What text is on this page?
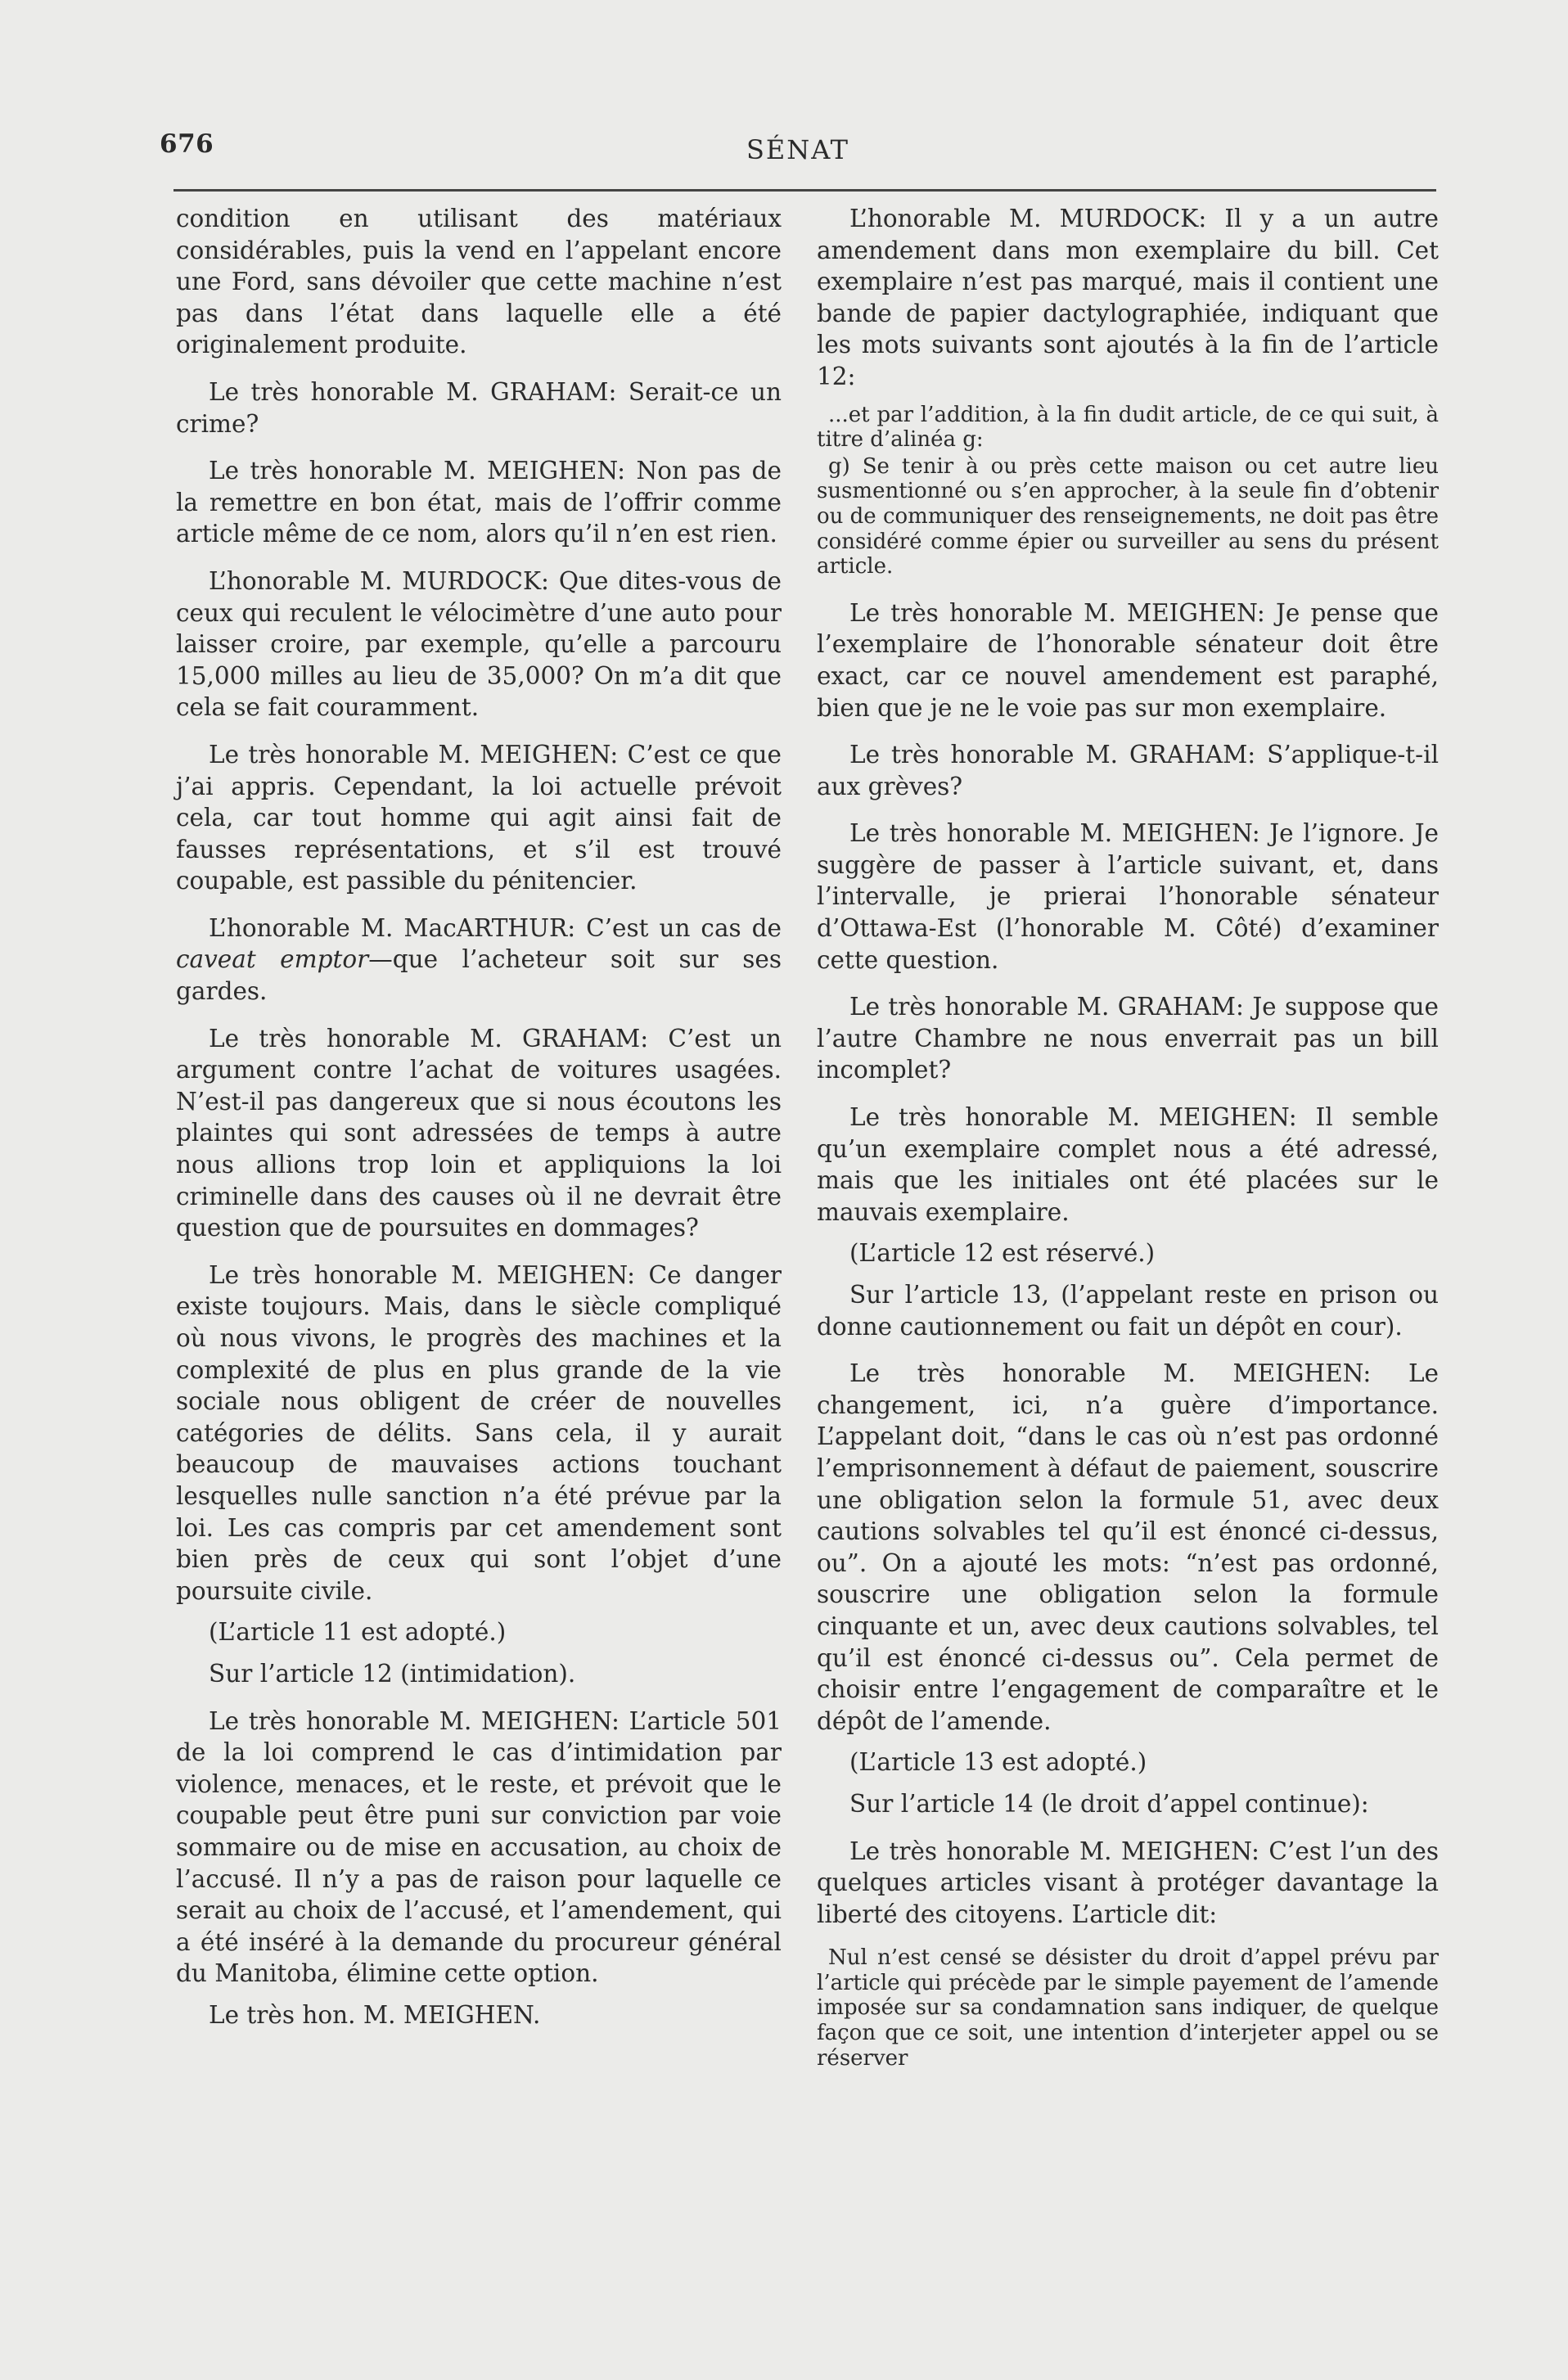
676	SÉNAT

condition en utilisant des matériaux considérables, puis la vend en l’appelant encore une Ford, sans dévoiler que cette machine n’est pas dans l’état dans laquelle elle a été originalement produite.

Le très honorable M. GRAHAM: Serait-ce un crime?

Le très honorable M. MEIGHEN: Non pas de la remettre en bon état, mais de l’offrir comme article même de ce nom, alors qu’il n’en est rien.

L’honorable M. MURDOCK: Que dites-vous de ceux qui reculent le vélocimètre d’une auto pour laisser croire, par exemple, qu’elle a parcouru 15,000 milles au lieu de 35,000? On m’a dit que cela se fait couramment.

Le très honorable M. MEIGHEN: C’est ce que j’ai appris. Cependant, la loi actuelle prévoit cela, car tout homme qui agit ainsi fait de fausses représentations, et s’il est trouvé coupable, est passible du pénitencier.

L’honorable M. MacARTHUR: C’est un cas de caveat emptor—que l’acheteur soit sur ses gardes.

Le très honorable M. GRAHAM: C’est un argument contre l’achat de voitures usagées. N’est-il pas dangereux que si nous écoutons les plaintes qui sont adressées de temps à autre nous allions trop loin et appliquions la loi criminelle dans des causes où il ne devrait être question que de poursuites en dommages?

Le très honorable M. MEIGHEN: Ce danger existe toujours. Mais, dans le siècle compliqué où nous vivons, le progrès des machines et la complexité de plus en plus grande de la vie sociale nous obligent de créer de nouvelles catégories de délits. Sans cela, il y aurait beaucoup de mauvaises actions touchant lesquelles nulle sanction n’a été prévue par la loi. Les cas compris par cet amendement sont bien près de ceux qui sont l’objet d’une poursuite civile.

(L’article 11 est adopté.)

Sur l’article 12 (intimidation).

Le très honorable M. MEIGHEN: L’article 501 de la loi comprend le cas d’intimidation par violence, menaces, et le reste, et prévoit que le coupable peut être puni sur conviction par voie sommaire ou de mise en accusation, au choix de l’accusé. Il n’y a pas de raison pour laquelle ce serait au choix de l’accusé, et l’amendement, qui a été inséré à la demande du procureur général du Manitoba, élimine cette option.

Le très hon. M. MEIGHEN.

L’honorable M. MURDOCK: Il y a un autre amendement dans mon exemplaire du bill. Cet exemplaire n’est pas marqué, mais il contient une bande de papier dactylographiée, indiquant que les mots suivants sont ajoutés à la fin de l’article 12:

...et par l’addition, à la fin dudit article, de ce qui suit, à titre d’alinéa g:

g) Se tenir à ou près cette maison ou cet autre lieu susmentionné ou s’en approcher, à la seule fin d’obtenir ou de communiquer des renseignements, ne doit pas être considéré comme épier ou surveiller au sens du présent article.

Le très honorable M. MEIGHEN: Je pense que l’exemplaire de l’honorable sénateur doit être exact, car ce nouvel amendement est paraphé, bien que je ne le voie pas sur mon exemplaire.

Le très honorable M. GRAHAM: S’applique-t-il aux grèves?

Le très honorable M. MEIGHEN: Je l’ignore. Je suggère de passer à l’article suivant, et, dans l’intervalle, je prierai l’honorable sénateur d’Ottawa-Est (l’honorable M. Côté) d’examiner cette question.

Le très honorable M. GRAHAM: Je suppose que l’autre Chambre ne nous enverrait pas un bill incomplet?

Le très honorable M. MEIGHEN: Il semble qu’un exemplaire complet nous a été adressé, mais que les initiales ont été placées sur le mauvais exemplaire.

(L’article 12 est réservé.)

Sur l’article 13, (l’appelant reste en prison ou donne cautionnement ou fait un dépôt en cour).

Le très honorable M. MEIGHEN: Le changement, ici, n’a guère d’importance. L’appelant doit, “dans le cas où n’est pas ordonné l’emprisonnement à défaut de paiement, souscrire une obligation selon la formule 51, avec deux cautions solvables tel qu’il est énoncé ci-dessus, ou”. On a ajouté les mots: “n’est pas ordonné, souscrire une obligation selon la formule cinquante et un, avec deux cautions solvables, tel qu’il est énoncé ci-dessus ou”. Cela permet de choisir entre l’engagement de comparaître et le dépôt de l’amende.

(L’article 13 est adopté.)

Sur l’article 14 (le droit d’appel continue):

Le très honorable M. MEIGHEN: C’est l’un des quelques articles visant à protéger davantage la liberté des citoyens. L’article dit:

Nul n’est censé se désister du droit d’appel prévu par l’article qui précède par le simple payement de l’amende imposée sur sa condamnation sans indiquer, de quelque façon que ce soit, une intention d’interjeter appel ou se réserver
